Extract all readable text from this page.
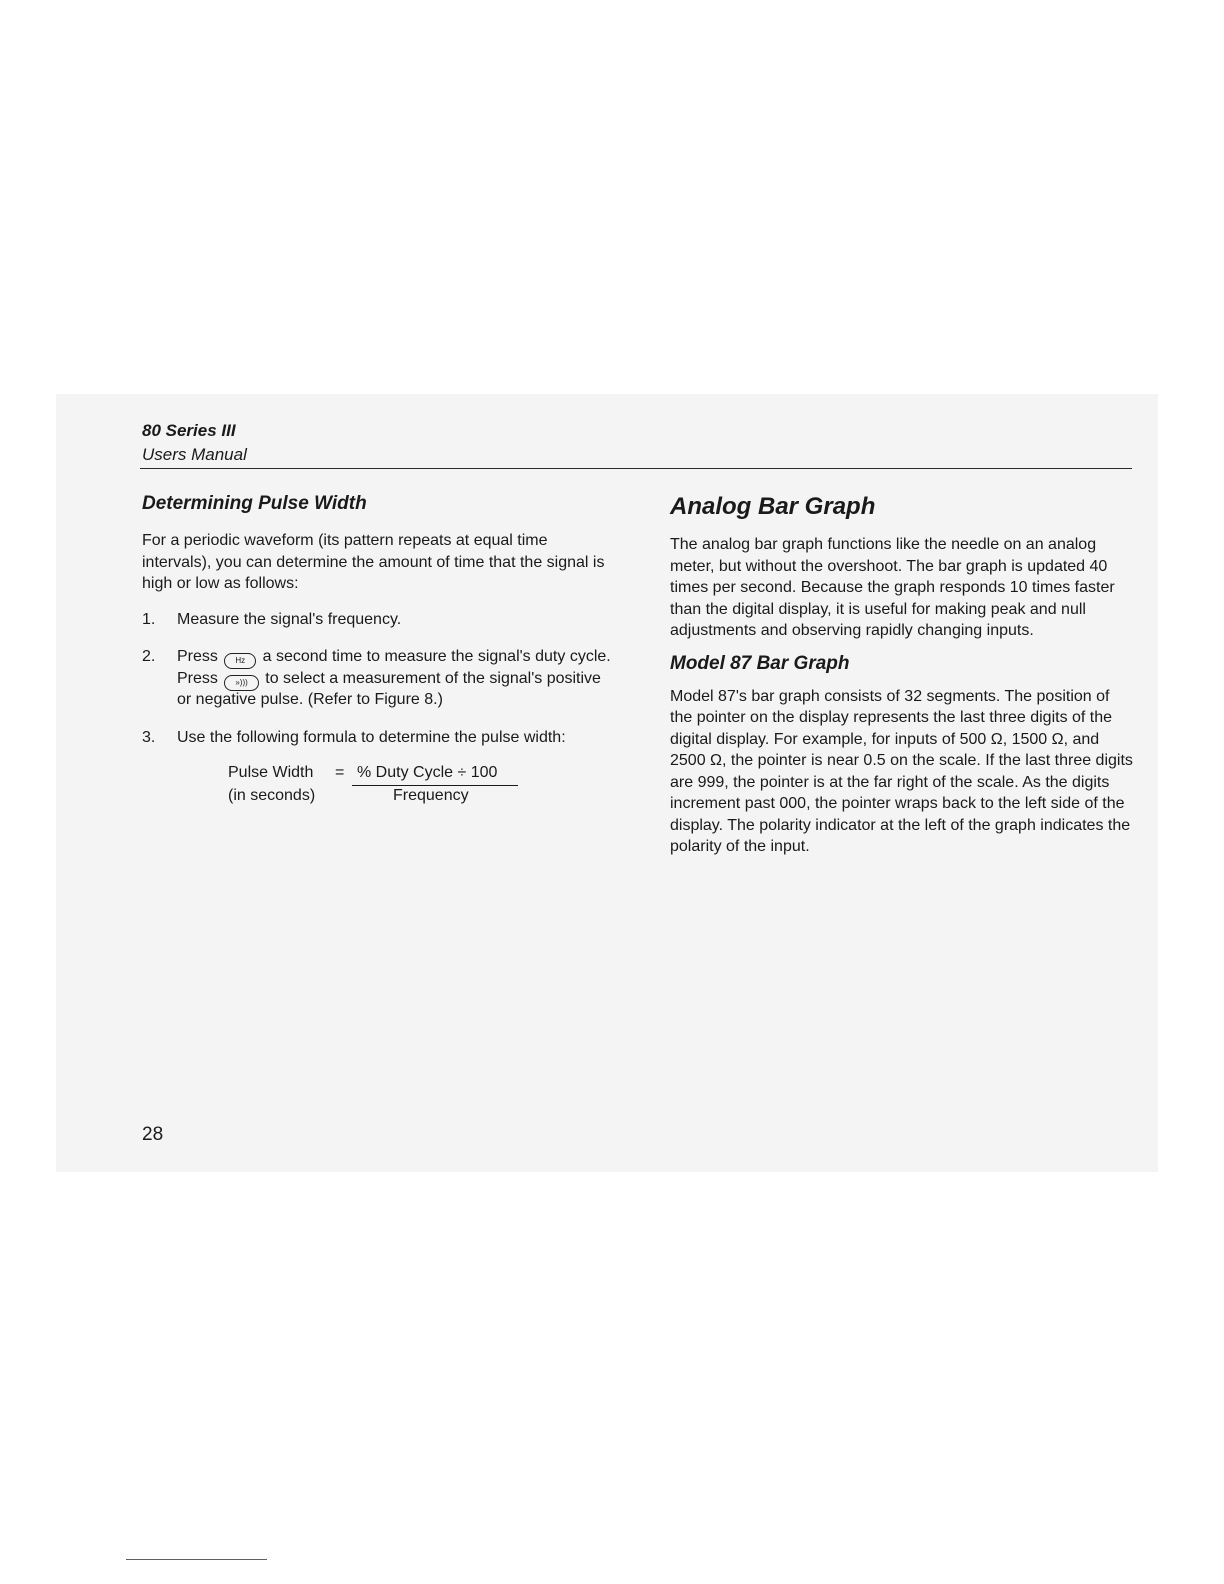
80 Series III
Users Manual
Determining Pulse Width

For a periodic waveform (its pattern repeats at equal time intervals), you can determine the amount of time that the signal is high or low as follows:

1. Measure the signal's frequency.
2. Press Hz a second time to measure the signal's duty cycle. Press »))) to select a measurement of the signal's positive or negative pulse. (Refer to Figure 8.)
3. Use the following formula to determine the pulse width:
Pulse Width = % Duty Cycle ÷ 100
(in seconds)	Frequency
Analog Bar Graph

The analog bar graph functions like the needle on an analog meter, but without the overshoot. The bar graph is updated 40 times per second. Because the graph responds 10 times faster than the digital display, it is useful for making peak and null adjustments and observing rapidly changing inputs.

Model 87 Bar Graph

Model 87's bar graph consists of 32 segments. The position of the pointer on the display represents the last three digits of the digital display. For example, for inputs of 500 Ω, 1500 Ω, and 2500 Ω, the pointer is near 0.5 on the scale. If the last three digits are 999, the pointer is at the far right of the scale. As the digits increment past 000, the pointer wraps back to the left side of the display. The polarity indicator at the left of the graph indicates the polarity of the input.

28
